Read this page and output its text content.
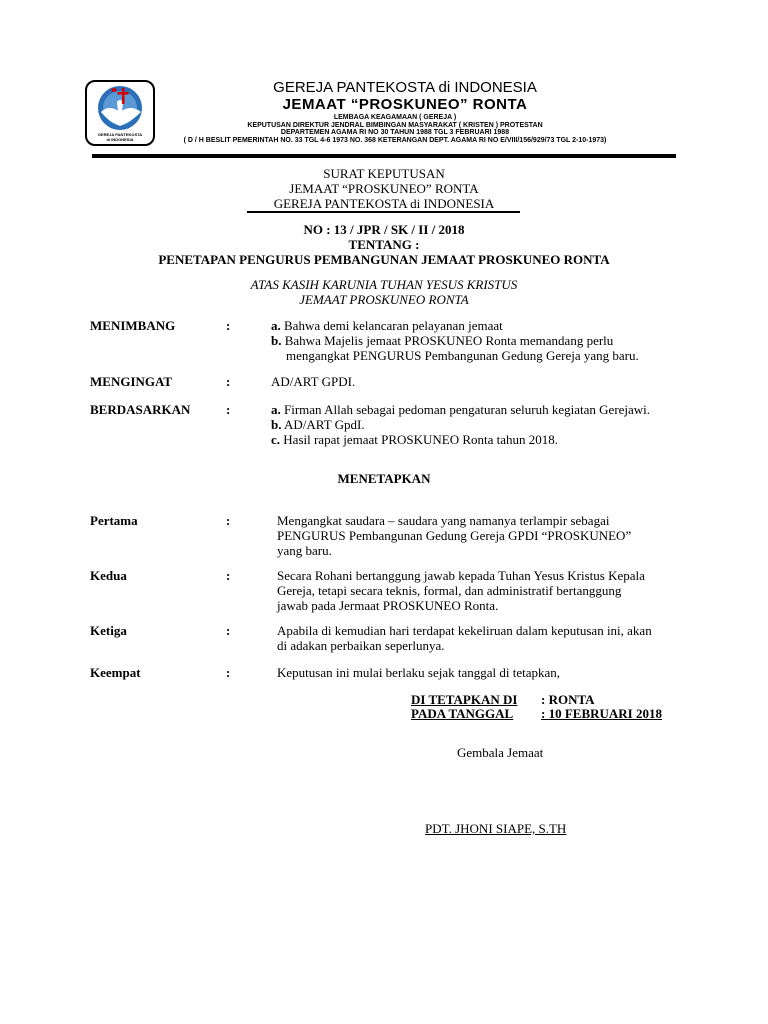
GEREJA PANTEKOSTA
di INDONESIA
GEREJA PANTEKOSTA di INDONESIA
JEMAAT “PROSKUNEO” RONTA
LEMBAGA KEAGAMAAN ( GEREJA )
KEPUTUSAN DIREKTUR JENDRAL BIMBINGAN MASYARAKAT ( KRISTEN ) PROTESTAN
DEPARTEMEN AGAMA RI NO 30 TAHUN 1988 TGL 3 FEBRUARI 1988
( D / H BESLIT PEMERINTAH NO. 33 TGL 4-6 1973 NO. 368 KETERANGAN DEPT. AGAMA RI NO E/VIII/156/929/73 TGL 2-10-1973)
SURAT KEPUTUSAN
JEMAAT “PROSKUNEO” RONTA
GEREJA PANTEKOSTA di INDONESIA
NO : 13 / JPR / SK / II / 2018
TENTANG :
PENETAPAN PENGURUS PEMBANGUNAN JEMAAT PROSKUNEO RONTA
ATAS KASIH KARUNIA TUHAN YESUS KRISTUS
JEMAAT PROSKUNEO RONTA
MENIMBANG	:	a. Bahwa demi kelancaran pelayanan jemaat
b. Bahwa Majelis jemaat PROSKUNEO Ronta memandang perlu
mengangkat PENGURUS Pembangunan Gedung Gereja yang baru.
MENGINGAT	:	AD/ART GPDI.
BERDASARKAN	:	a. Firman Allah sebagai pedoman pengaturan seluruh kegiatan Gerejawi.
b. AD/ART GpdI.
c. Hasil rapat jemaat PROSKUNEO Ronta tahun 2018.
MENETAPKAN
Pertama	:	Mengangkat saudara – saudara yang namanya terlampir sebagai
PENGURUS Pembangunan Gedung Gereja GPDI “PROSKUNEO”
yang baru.
Kedua	:	Secara Rohani bertanggung jawab kepada Tuhan Yesus Kristus Kepala
Gereja, tetapi secara teknis, formal, dan administratif bertanggung
jawab pada Jermaat PROSKUNEO Ronta.
Ketiga	:	Apabila di kemudian hari terdapat kekeliruan dalam keputusan ini, akan
di adakan perbaikan seperlunya.
Keempat	:	Keputusan ini mulai berlaku sejak tanggal di tetapkan,
DI TETAPKAN DI : RONTA
PADA TANGGAL : 10 FEBRUARI 2018
Gembala Jemaat
PDT. JHONI SIAPE, S.TH
